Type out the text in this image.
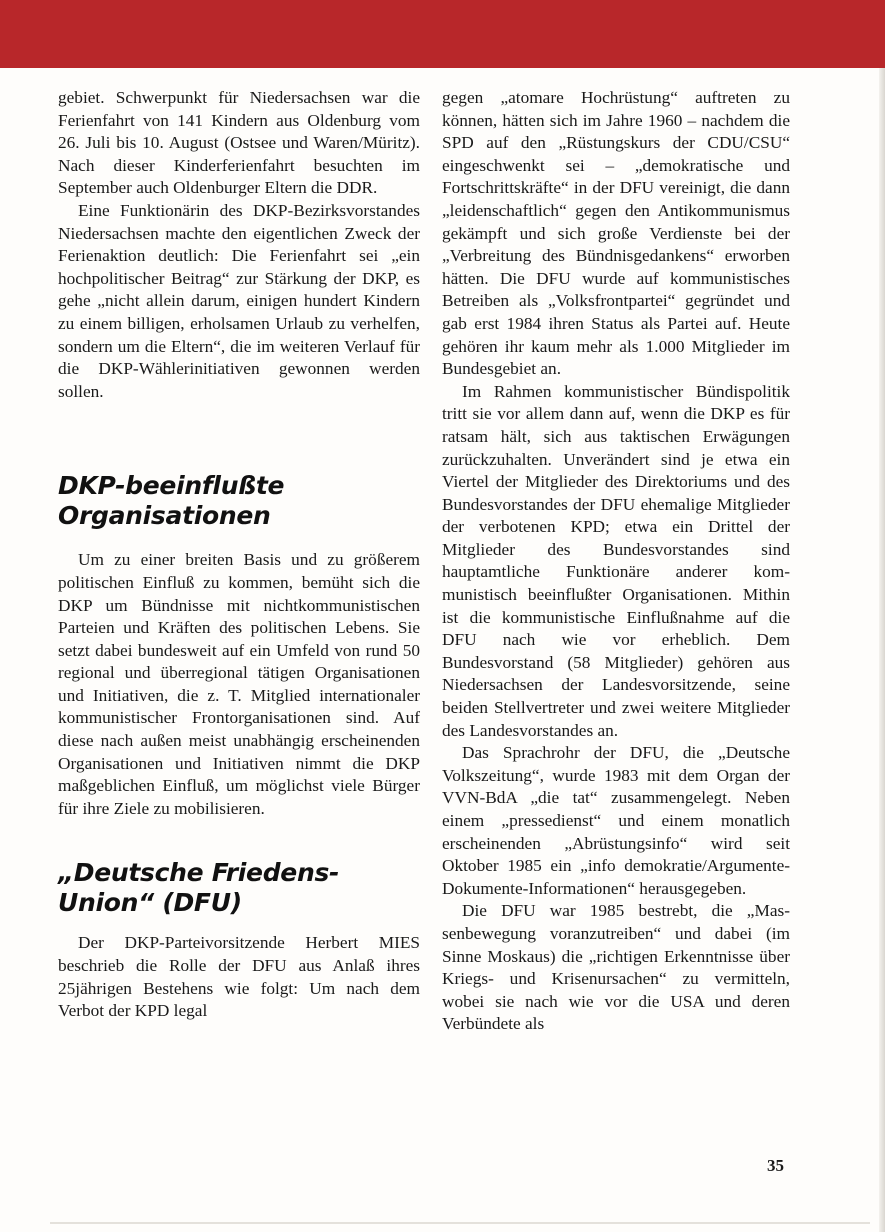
gebiet. Schwerpunkt für Niedersachsen war die Ferienfahrt von 141 Kindern aus Oldenburg vom 26. Juli bis 10. August (Ostsee und Waren/Müritz). Nach dieser Kinderferienfahrt besuchten im September auch Oldenburger Eltern die DDR.

Eine Funktionärin des DKP-Bezirksvorstandes Niedersachsen machte den eigentlichen Zweck der Ferienaktion deutlich: Die Ferienfahrt sei „ein hochpolitischer Beitrag“ zur Stärkung der DKP, es gehe „nicht allein darum, einigen hundert Kindern zu einem billigen, erholsamen Urlaub zu verhelfen, sondern um die Eltern“, die im weiteren Verlauf für die DKP-Wählerinitiativen gewonnen werden sollen.

DKP-beeinflußte Organisationen

Um zu einer breiten Basis und zu größerem politischen Einfluß zu kommen, bemüht sich die DKP um Bündnisse mit nichtkommunistischen Parteien und Kräften des politischen Lebens. Sie setzt dabei bundesweit auf ein Umfeld von rund 50 regional und überregional tätigen Organisationen und Initiativen, die z. T. Mitglied internationaler kommunistischer Frontorganisationen sind. Auf diese nach außen meist unabhängig erscheinenden Organisationen und Initiativen nimmt die DKP maßgeblichen Einfluß, um möglichst viele Bürger für ihre Ziele zu mobilisieren.

„Deutsche Friedens-Union“ (DFU)

Der DKP-Parteivorsitzende Herbert MIES beschrieb die Rolle der DFU aus Anlaß ihres 25jährigen Bestehens wie folgt: Um nach dem Verbot der KPD legal

gegen „atomare Hochrüstung“ auftreten zu können, hätten sich im Jahre 1960 – nachdem die SPD auf den „Rüstungskurs der CDU/CSU“ eingeschwenkt sei – „demokratische und Fortschrittskräfte“ in der DFU vereinigt, die dann „leidenschaftlich“ gegen den Antikommunismus gekämpft und sich große Verdienste bei der „Verbreitung des Bündnisgedankens“ erworben hätten. Die DFU wurde auf kommunistisches Betreiben als „Volksfrontpartei“ gegründet und gab erst 1984 ihren Status als Partei auf. Heute gehören ihr kaum mehr als 1.000 Mitglieder im Bundesgebiet an.

Im Rahmen kommunistischer Bündispolitik tritt sie vor allem dann auf, wenn die DKP es für ratsam hält, sich aus taktischen Erwägungen zurückzuhalten. Unverändert sind je etwa ein Viertel der Mitglieder des Direktoriums und des Bundesvorstandes der DFU ehemalige Mitglieder der verbotenen KPD; etwa ein Drittel der Mitglieder des Bundesvorstandes sind hauptamtliche Funktionäre anderer kommunistisch beeinflußter Organisationen. Mithin ist die kommunistische Einflußnahme auf die DFU nach wie vor erheblich. Dem Bundesvorstand (58 Mitglieder) gehören aus Niedersachsen der Landesvorsitzende, seine beiden Stellvertreter und zwei weitere Mitglieder des Landesvorstandes an.

Das Sprachrohr der DFU, die „Deutsche Volkszeitung“, wurde 1983 mit dem Organ der VVN-BdA „die tat“ zusammengelegt. Neben einem „pressedienst“ und einem monatlich erscheinenden „Abrüstungsinfo“ wird seit Oktober 1985 ein „info demokratie/Argumente-Dokumente-Informationen“ herausgegeben.

Die DFU war 1985 bestrebt, die „Massenbewegung voranzutreiben“ und dabei (im Sinne Moskaus) die „richtigen Erkenntnisse über Kriegs- und Krisenursachen“ zu vermitteln, wobei sie nach wie vor die USA und deren Verbündete als

35
